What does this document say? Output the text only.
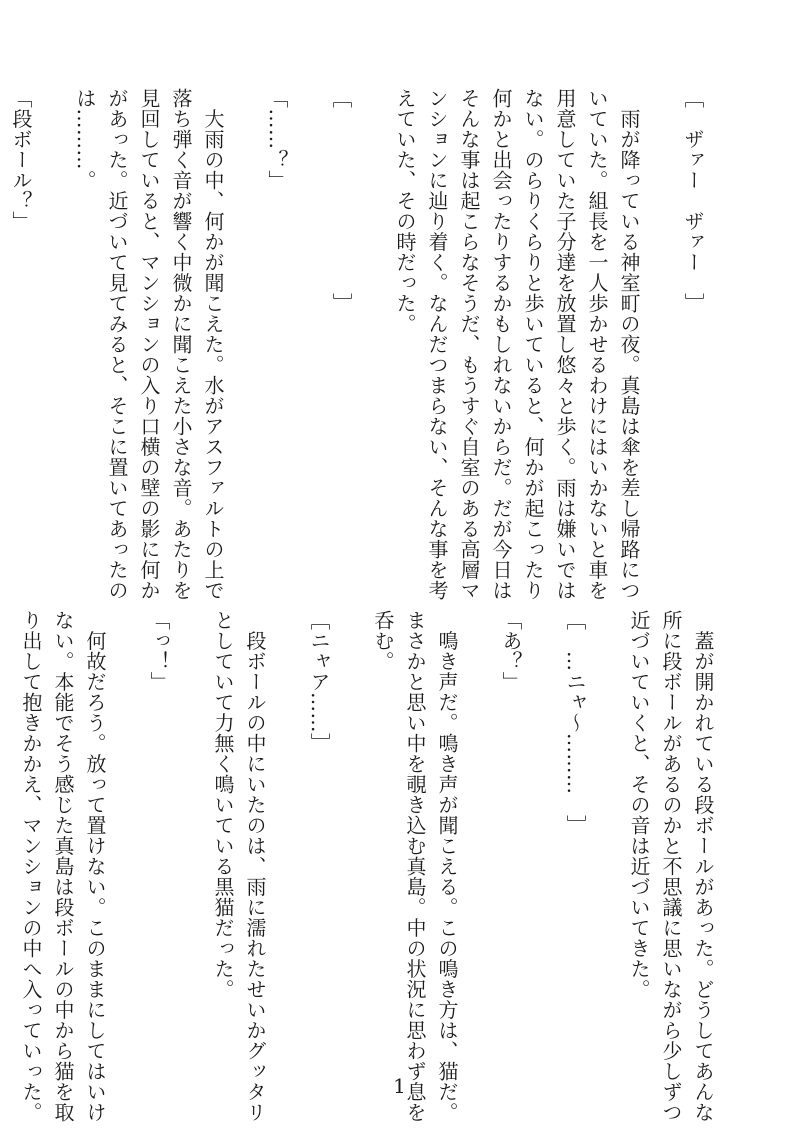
［　ザァー　ザァー　］

　雨が降っている神室町の夜。真島は傘を差し帰路につ

いていた。組長を一人歩かせるわけにはいかないと車を

用意していた子分達を放置し悠々と歩く。雨は嫌いでは

ない。のらりくらりと歩いていると、何かが起こったり

何かと出会ったりするかもしれないからだ。だが今日は

そんな事は起こらなそうだ、もうすぐ自室のある高層マ

ンションに辿り着く。なんだつまらない、そんな事を考

えていた、その時だった。

［　　　　　　　　　］

「……？」

　大雨の中、何かが聞こえた。水がアスファルトの上で

落ち弾く音が響く中微かに聞こえた小さな音。あたりを

見回していると、マンションの入り口横の壁の影に何か

があった。近づいて見てみると、そこに置いてあったの

は………。

「段ボール？」

　蓋が開かれている段ボールがあった。どうしてあんな

所に段ボールがあるのかと不思議に思いながら少しずつ

近づいていくと、その音は近づいてきた。

［　…ニャ〜………　］

「あ？」

　鳴き声だ。鳴き声が聞こえる。この鳴き方は、猫だ。

まさかと思い中を覗き込む真島。中の状況に思わず息を

呑む。

［ニャア……］

　段ボールの中にいたのは、雨に濡れたせいかグッタリ

としていて力無く鳴いている黒猫だった。

「っ！」

　何故だろう。放って置けない。このままにしてはいけ

ない。本能でそう感じた真島は段ボールの中から猫を取

り出して抱きかかえ、マンションの中へ入っていった。	1
